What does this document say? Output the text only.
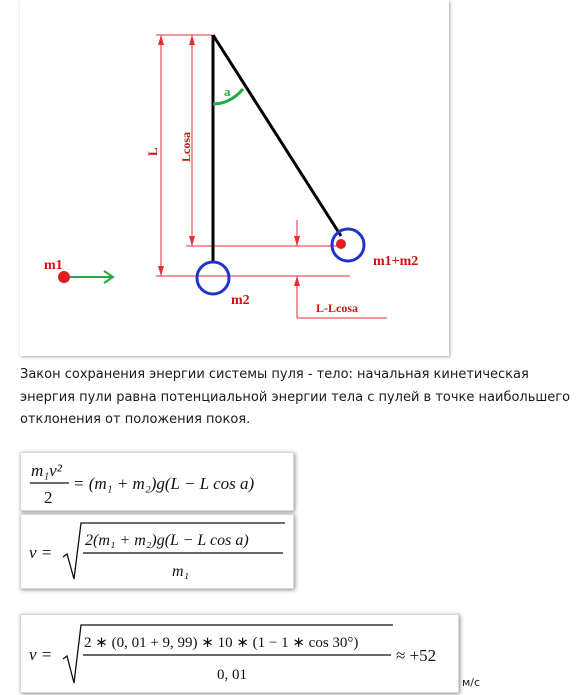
a
L Lcosa
m2
m1+m2
m1
L-Lcosa
Закон сохранения энергии системы пуля - тело: начальная кинетическая энергия пули равна потенциальной энергии тела с пулей в точке наибольшего отклонения от положения покоя.
m₁v²
2
= (m₁ + m₂)g(L − L cos a)
v =
2(m₁ + m₂)g(L − L cos a)
m₁
v =
2 ∗ (0, 01 + 9, 99) ∗ 10 ∗ (1 − 1 ∗ cos 30°)
0, 01
≈ +52
м/с
